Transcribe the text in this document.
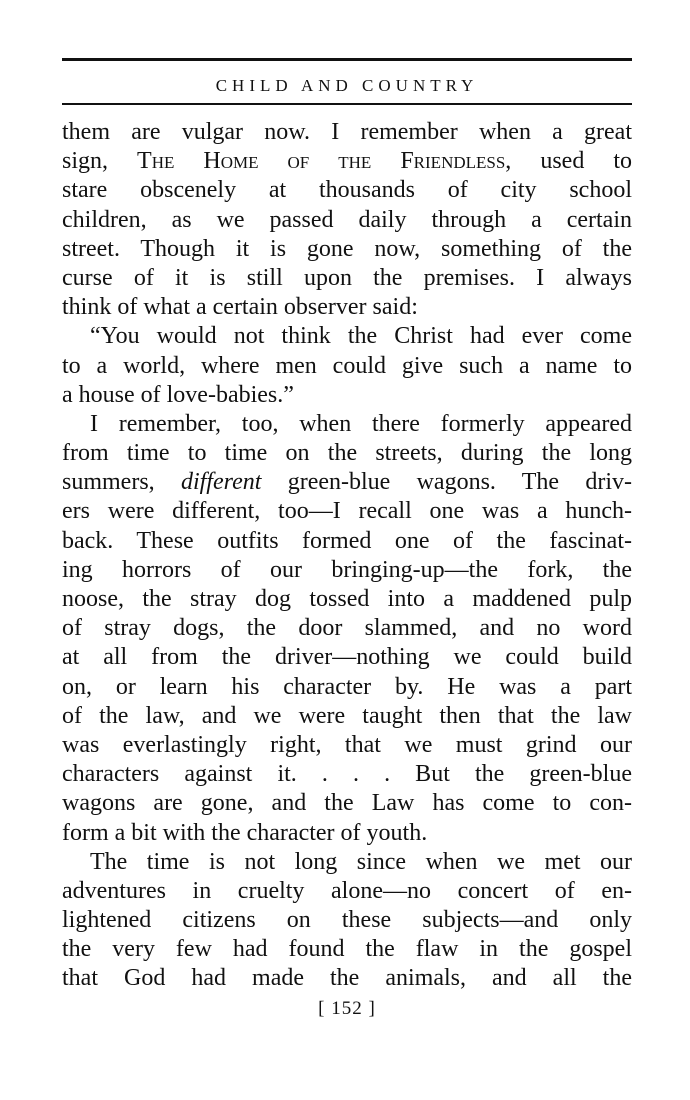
CHILD AND COUNTRY
them are vulgar now. I remember when a great
sign, The Home of the Friendless, used to
stare obscenely at thousands of city school
children, as we passed daily through a certain
street. Though it is gone now, something of the
curse of it is still upon the premises. I always
think of what a certain observer said:
“You would not think the Christ had ever come
to a world, where men could give such a name to
a house of love-babies.”
I remember, too, when there formerly appeared
from time to time on the streets, during the long
summers, different green-blue wagons. The driv-
ers were different, too—I recall one was a hunch-
back. These outfits formed one of the fascinat-
ing horrors of our bringing-up—the fork, the
noose, the stray dog tossed into a maddened pulp
of stray dogs, the door slammed, and no word
at all from the driver—nothing we could build
on, or learn his character by. He was a part
of the law, and we were taught then that the law
was everlastingly right, that we must grind our
characters against it. . . . But the green-blue
wagons are gone, and the Law has come to con-
form a bit with the character of youth.
The time is not long since when we met our
adventures in cruelty alone—no concert of en-
lightened citizens on these subjects—and only
the very few had found the flaw in the gospel
that God had made the animals, and all the
[ 152 ]
